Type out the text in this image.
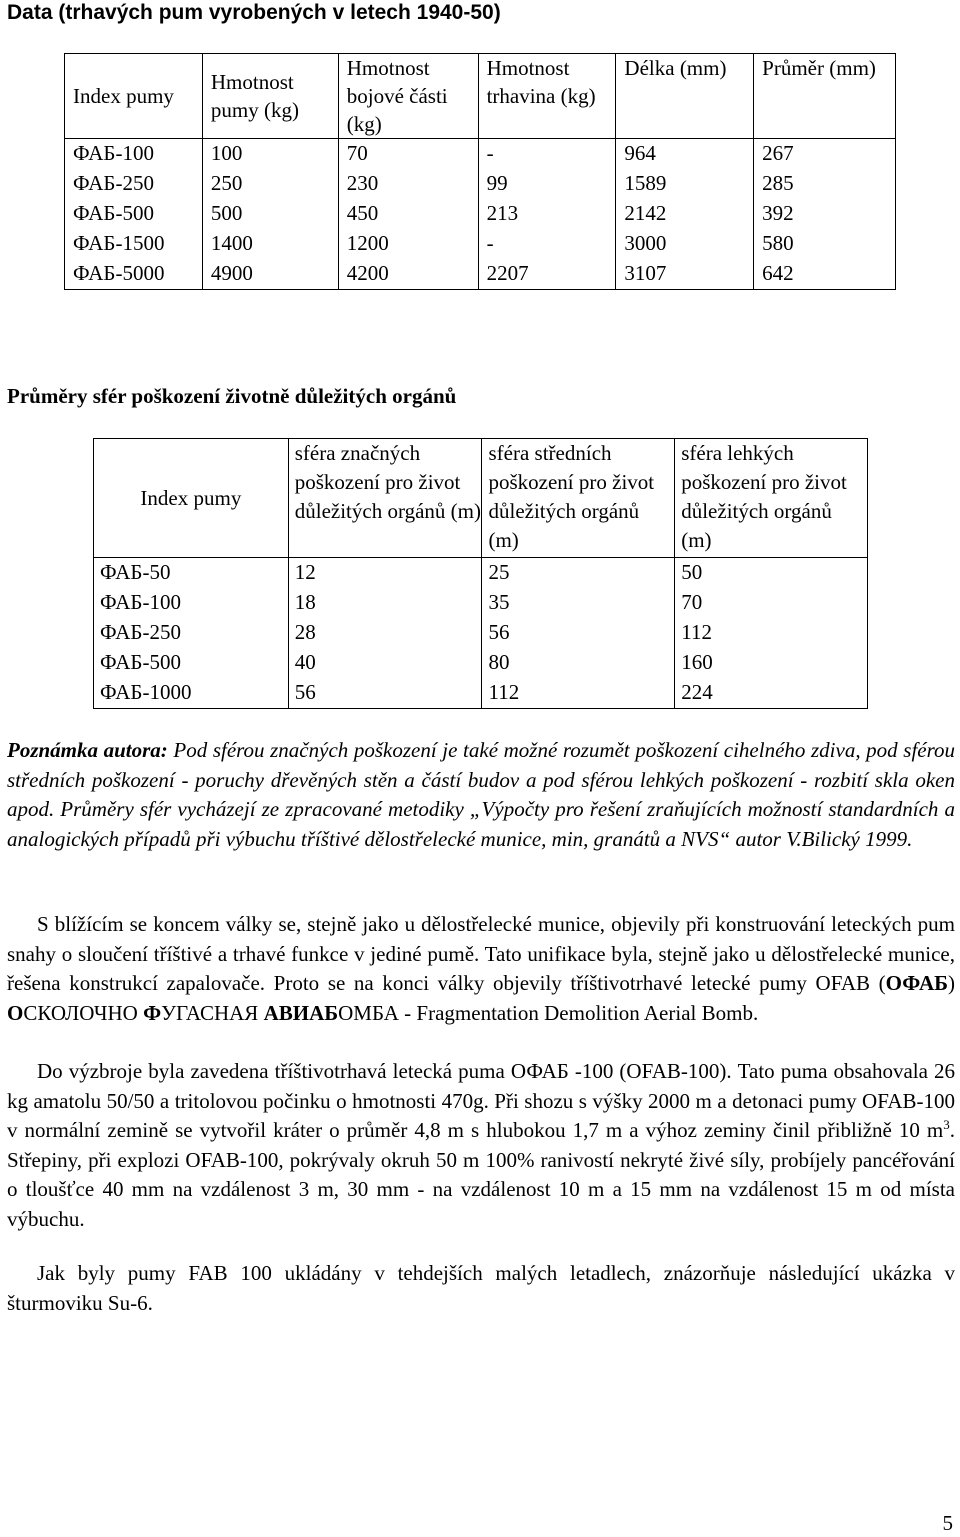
Data (trhavých pum vyrobených v letech 1940-50)
Index pumy	Hmotnost pumy (kg)	Hmotnost bojové části (kg)	Hmotnost trhavina (kg)	Délka (mm)	Průměr (mm)
ФАБ-100	100	70	-	964	267
ФАБ-250	250	230	99	1589	285
ФАБ-500	500	450	213	2142	392
ФАБ-1500	1400	1200	-	3000	580
ФАБ-5000	4900	4200	2207	3107	642
Průměry sfér poškození životně důležitých orgánů
Index pumy	sféra značných poškození pro život důležitých orgánů (m)	sféra středních poškození pro život důležitých orgánů (m)	sféra lehkých poškození pro život důležitých orgánů (m)
ФАБ-50	12	25	50
ФАБ-100	18	35	70
ФАБ-250	28	56	112
ФАБ-500	40	80	160
ФАБ-1000	56	112	224
Poznámka autora: Pod sférou značných poškození je také možné rozumět poškození cihelného zdiva, pod sférou středních poškození - poruchy dřevěných stěn a částí budov a pod sférou lehkých poškození - rozbití skla oken apod. Průměry sfér vycházejí ze zpracované metodiky „Výpočty pro řešení zraňujících možností standardních a analogických případů při výbuchu tříštivé dělostřelecké munice, min, granátů a NVS“ autor V.Bilický 1999.
S blížícím se koncem války se, stejně jako u dělostřelecké munice, objevily při konstruování leteckých pum snahy o sloučení tříštivé a trhavé funkce v jediné pumě. Tato unifikace byla, stejně jako u dělostřelecké munice, řešena konstrukcí zapalovače. Proto se na konci války objevily tříštivotrhavé letecké pumy OFAB (ОФАБ) ОСКОЛОЧНО ФУГАСНАЯ АВИАБОМБА - Fragmentation Demolition Aerial Bomb.
Do výzbroje byla zavedena tříštivotrhavá letecká puma ОФАБ -100 (OFAB-100). Tato puma obsahovala 26 kg amatolu 50/50 a tritolovou počinku o hmotnosti 470g. Při shozu s výšky 2000 m a detonaci pumy OFAB-100 v normální zemině se vytvořil kráter o průměr 4,8 m s hlubokou 1,7 m a výhoz zeminy činil přibližně 10 $m^3$. Střepiny, při explozi OFAB-100, pokrývaly okruh 50 m 100% ranivostí nekryté živé síly, probíjely pancéřování o tloušťce 40 mm na vzdálenost 3 m, 30 mm - na vzdálenost 10 m a 15 mm na vzdálenost 15 m od místa výbuchu.
Jak byly pumy FAB 100 ukládány v tehdejších malých letadlech, znázorňuje následující ukázka v šturmoviku Su-6.
5
